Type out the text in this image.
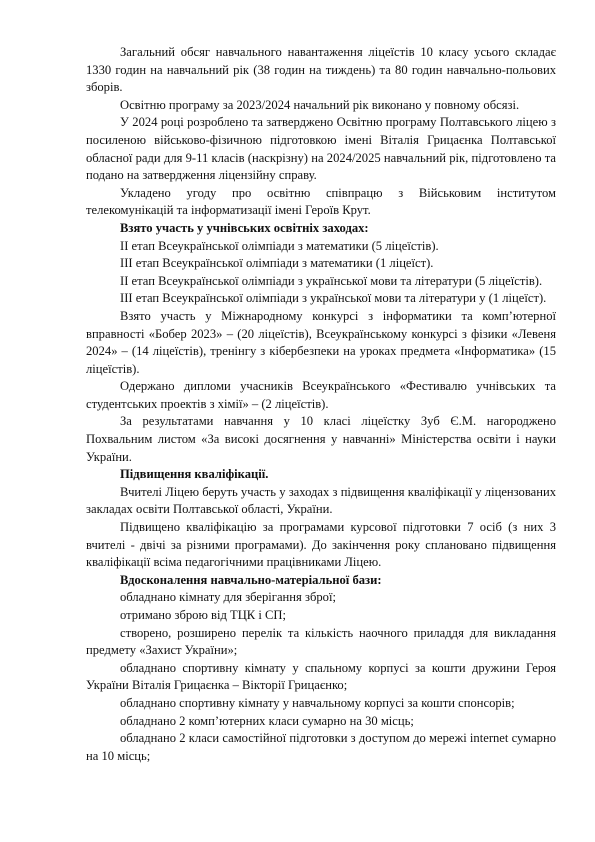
Загальний обсяг навчального навантаження ліцеїстів 10 класу усього складає 1330 годин на навчальний рік (38 годин на тиждень) та 80 годин навчально-польових зборів.

Освітню програму за 2023/2024 начальний рік виконано у повному обсязі.

У 2024 році розроблено та затверджено Освітню програму Полтавського ліцею з посиленою військово-фізичною підготовкою імені Віталія Грицаєнка Полтавської обласної ради для 9-11 класів (наскрізну) на 2024/2025 навчальний рік, підготовлено та подано на затвердження ліцензійну справу.

Укладено угоду про освітню співпрацю з Військовим інститутом телекомунікацій та інформатизації імені Героїв Крут.

Взято участь у учнівських освітніх заходах:

ІІ етап Всеукраїнської олімпіади з математики (5 ліцеїстів).

ІІІ етап Всеукраїнської олімпіади з математики (1 ліцеїст).

ІІ етап Всеукраїнської олімпіади з української мови та літератури (5 ліцеїстів).

ІІІ етап Всеукраїнської олімпіади з української мови та літератури у (1 ліцеїст).

Взято участь у Міжнародному конкурсі з інформатики та комп’ютерної вправності «Бобер 2023» – (20 ліцеїстів), Всеукраїнському конкурсі з фізики «Левеня 2024» – (14 ліцеїстів), тренінгу з кібербезпеки на уроках предмета «Інформатика» (15 ліцеїстів).

Одержано дипломи учасників Всеукраїнського «Фестивалю учнівських та студентських проектів з хімії» – (2 ліцеїстів).

За результатами навчання у 10 класі ліцеїстку Зуб Є.М. нагороджено Похвальним листом «За високі досягнення у навчанні» Міністерства освіти і науки України.

Підвищення кваліфікації.

Вчителі Ліцею беруть участь у заходах з підвищення кваліфікації у ліцензованих закладах освіти Полтавської області, України.

Підвищено кваліфікацію за програмами курсової підготовки 7 осіб (з них 3 вчителі - двічі за різними програмами). До закінчення року сплановано підвищення кваліфікації всіма педагогічними працівниками Ліцею.

Вдосконалення навчально-матеріальної бази:

обладнано кімнату для зберігання зброї;

отримано зброю від ТЦК і СП;

створено, розширено перелік та кількість наочного приладдя для викладання предмету «Захист України»;

обладнано спортивну кімнату у спальному корпусі за кошти дружини Героя України Віталія Грицаєнка – Вікторії Грицаєнко;

обладнано спортивну кімнату у навчальному корпусі за кошти спонсорів;

обладнано 2 комп’ютерних класи сумарно на 30 місць;

обладнано 2 класи самостійної підготовки з доступом до мережі internet сумарно на 10 місць;
